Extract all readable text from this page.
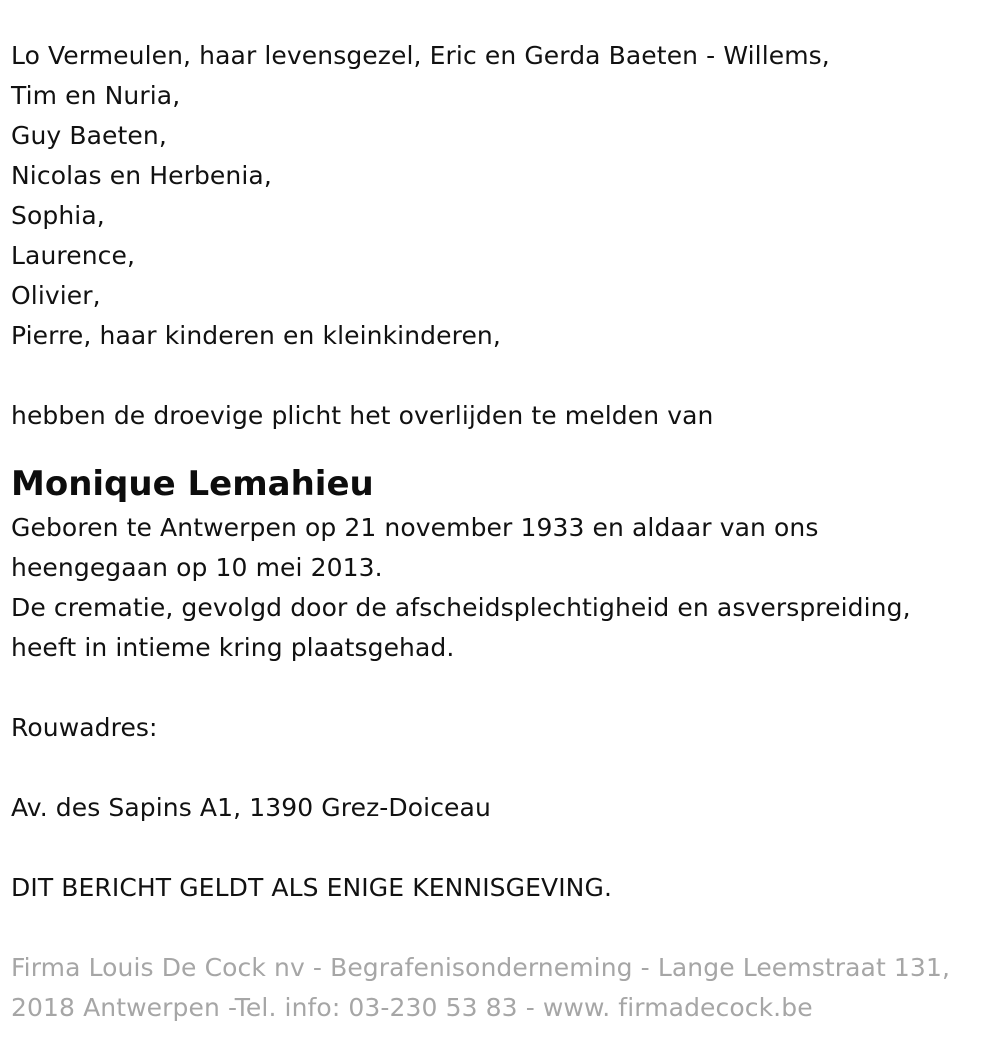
Lo Vermeulen, haar levensgezel, Eric en Gerda Baeten - Willems,
Tim en Nuria,
Guy Baeten,
Nicolas en Herbenia,
Sophia,
Laurence,
Olivier,
Pierre, haar kinderen en kleinkinderen,
hebben de droevige plicht het overlijden te melden van
Monique Lemahieu
Geboren te Antwerpen op 21 november 1933 en aldaar van ons
heengegaan op 10 mei 2013.
De crematie, gevolgd door de afscheidsplechtigheid en asverspreiding,
heeft in intieme kring plaatsgehad.
Rouwadres:
Av. des Sapins A1, 1390 Grez-Doiceau
DIT BERICHT GELDT ALS ENIGE KENNISGEVING.
Firma Louis De Cock nv - Begrafenisonderneming - Lange Leemstraat 131,
2018 Antwerpen -Tel. info: 03-230 53 83 - www. firmadecock.be
